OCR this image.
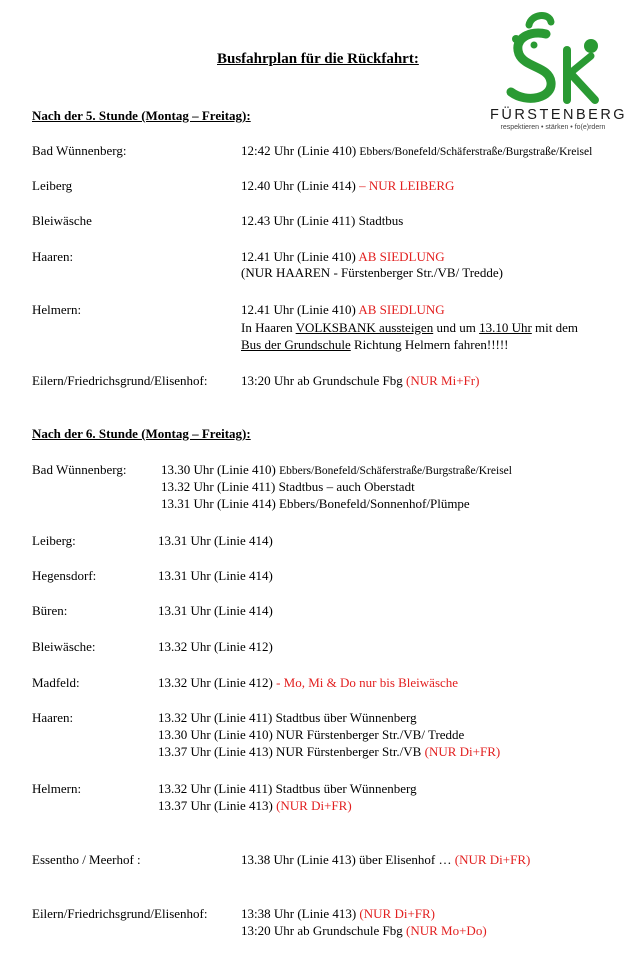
FÜRSTENBERG
respektieren • stärken • fo(e)rdern
Busfahrplan für die Rückfahrt:
Nach der 5. Stunde (Montag – Freitag):
Bad Wünnenberg:	12:42 Uhr (Linie 410) Ebbers/Bonefeld/Schäferstraße/Burgstraße/Kreisel
Leiberg	12.40 Uhr (Linie 414) – NUR LEIBERG
Bleiwäsche	12.43 Uhr (Linie 411) Stadtbus
Haaren:	12.41 Uhr (Linie 410) AB SIEDLUNG
(NUR HAAREN - Fürstenberger Str./VB/ Tredde)
Helmern:	12.41 Uhr (Linie 410) AB SIEDLUNG
In Haaren VOLKSBANK aussteigen und um 13.10 Uhr mit dem
Bus der Grundschule Richtung Helmern fahren!!!!!
Eilern/Friedrichsgrund/Elisenhof:	13:20 Uhr ab Grundschule Fbg (NUR Mi+Fr)
Nach der 6. Stunde (Montag – Freitag):
Bad Wünnenberg:	13.30 Uhr (Linie 410) Ebbers/Bonefeld/Schäferstraße/Burgstraße/Kreisel
13.32 Uhr (Linie 411) Stadtbus – auch Oberstadt
13.31 Uhr (Linie 414) Ebbers/Bonefeld/Sonnenhof/Plümpe
Leiberg:	13.31 Uhr (Linie 414)
Hegensdorf:	13.31 Uhr (Linie 414)
Büren:	13.31 Uhr (Linie 414)
Bleiwäsche:	13.32 Uhr (Linie 412)
Madfeld:	13.32 Uhr (Linie 412) - Mo, Mi & Do nur bis Bleiwäsche
Haaren:	13.32 Uhr (Linie 411) Stadtbus über Wünnenberg
13.30 Uhr (Linie 410) NUR Fürstenberger Str./VB/ Tredde
13.37 Uhr (Linie 413) NUR Fürstenberger Str./VB (NUR Di+FR)
Helmern:	13.32 Uhr (Linie 411) Stadtbus über Wünnenberg
13.37 Uhr (Linie 413) (NUR Di+FR)
Essentho / Meerhof :	13.38 Uhr (Linie 413) über Elisenhof … (NUR Di+FR)
Eilern/Friedrichsgrund/Elisenhof:	13:38 Uhr (Linie 413) (NUR Di+FR)
13:20 Uhr ab Grundschule Fbg (NUR Mo+Do)
